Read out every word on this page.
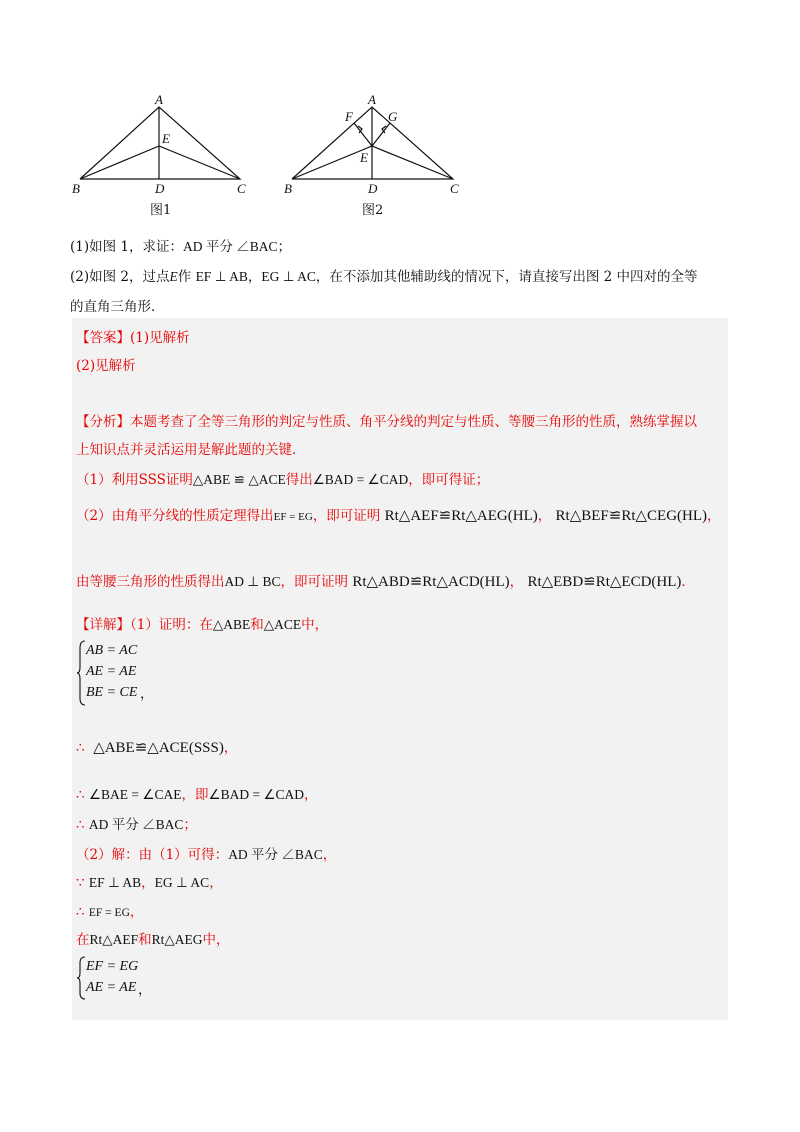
A
B	C
D
E
A
B	C
D
E
F	G
图1	图2

(1)如图 1，求证：AD 平分 ∠BAC；

(2)如图 2，过点E作 EF ⊥ AB，EG ⊥ AC，在不添加其他辅助线的情况下，请直接写出图 2 中四对的全等

的直角三角形．

【答案】(1)见解析
(2)见解析
【分析】本题考查了全等三角形的判定与性质、角平分线的判定与性质、等腰三角形的性质，熟练掌握以
上知识点并灵活运用是解此题的关键．
（1）利用SSS证明△ABE ≌ △ACE得出∠BAD = ∠CAD，即可得证；
（2）由角平分线的性质定理得出EF = EG，即可证明 Rt△AEF≌Rt△AEG(HL)， Rt△BEF≌Rt△CEG(HL)，
由等腰三角形的性质得出AD ⊥ BC，即可证明 Rt△ABD≌Rt△ACD(HL)， Rt△EBD≌Rt△ECD(HL)．
【详解】（1）证明：在△ABE和△ACE中，
AB = AC
AE = AE
BE = CE ，
∴ △ABE≌△ACE(SSS)，
∴ ∠BAE = ∠CAE，即∠BAD = ∠CAD，
∴ AD 平分 ∠BAC；
（2）解：由（1）可得：AD 平分 ∠BAC，
∵ EF ⊥ AB，EG ⊥ AC，
∴ EF = EG，
在Rt△AEF和Rt△AEG中，
EF = EG
AE = AE ，
